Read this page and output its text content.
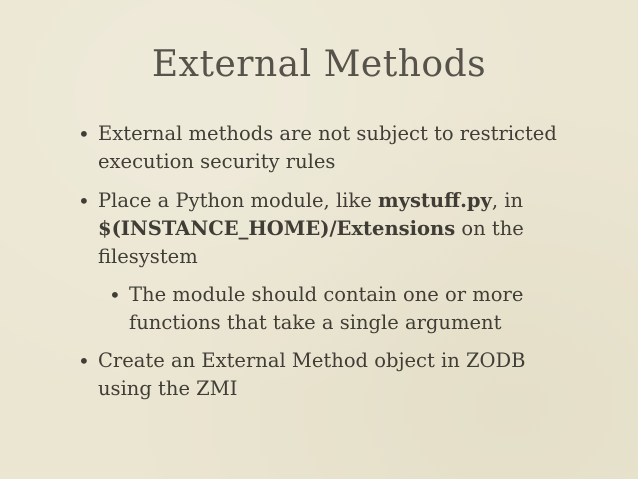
External Methods
• External methods are not subject to restricted execution security rules
• Place a Python module, like mystuff.py, in $(INSTANCE_HOME)/Extensions on the filesystem
• The module should contain one or more functions that take a single argument
• Create an External Method object in ZODB using the ZMI
